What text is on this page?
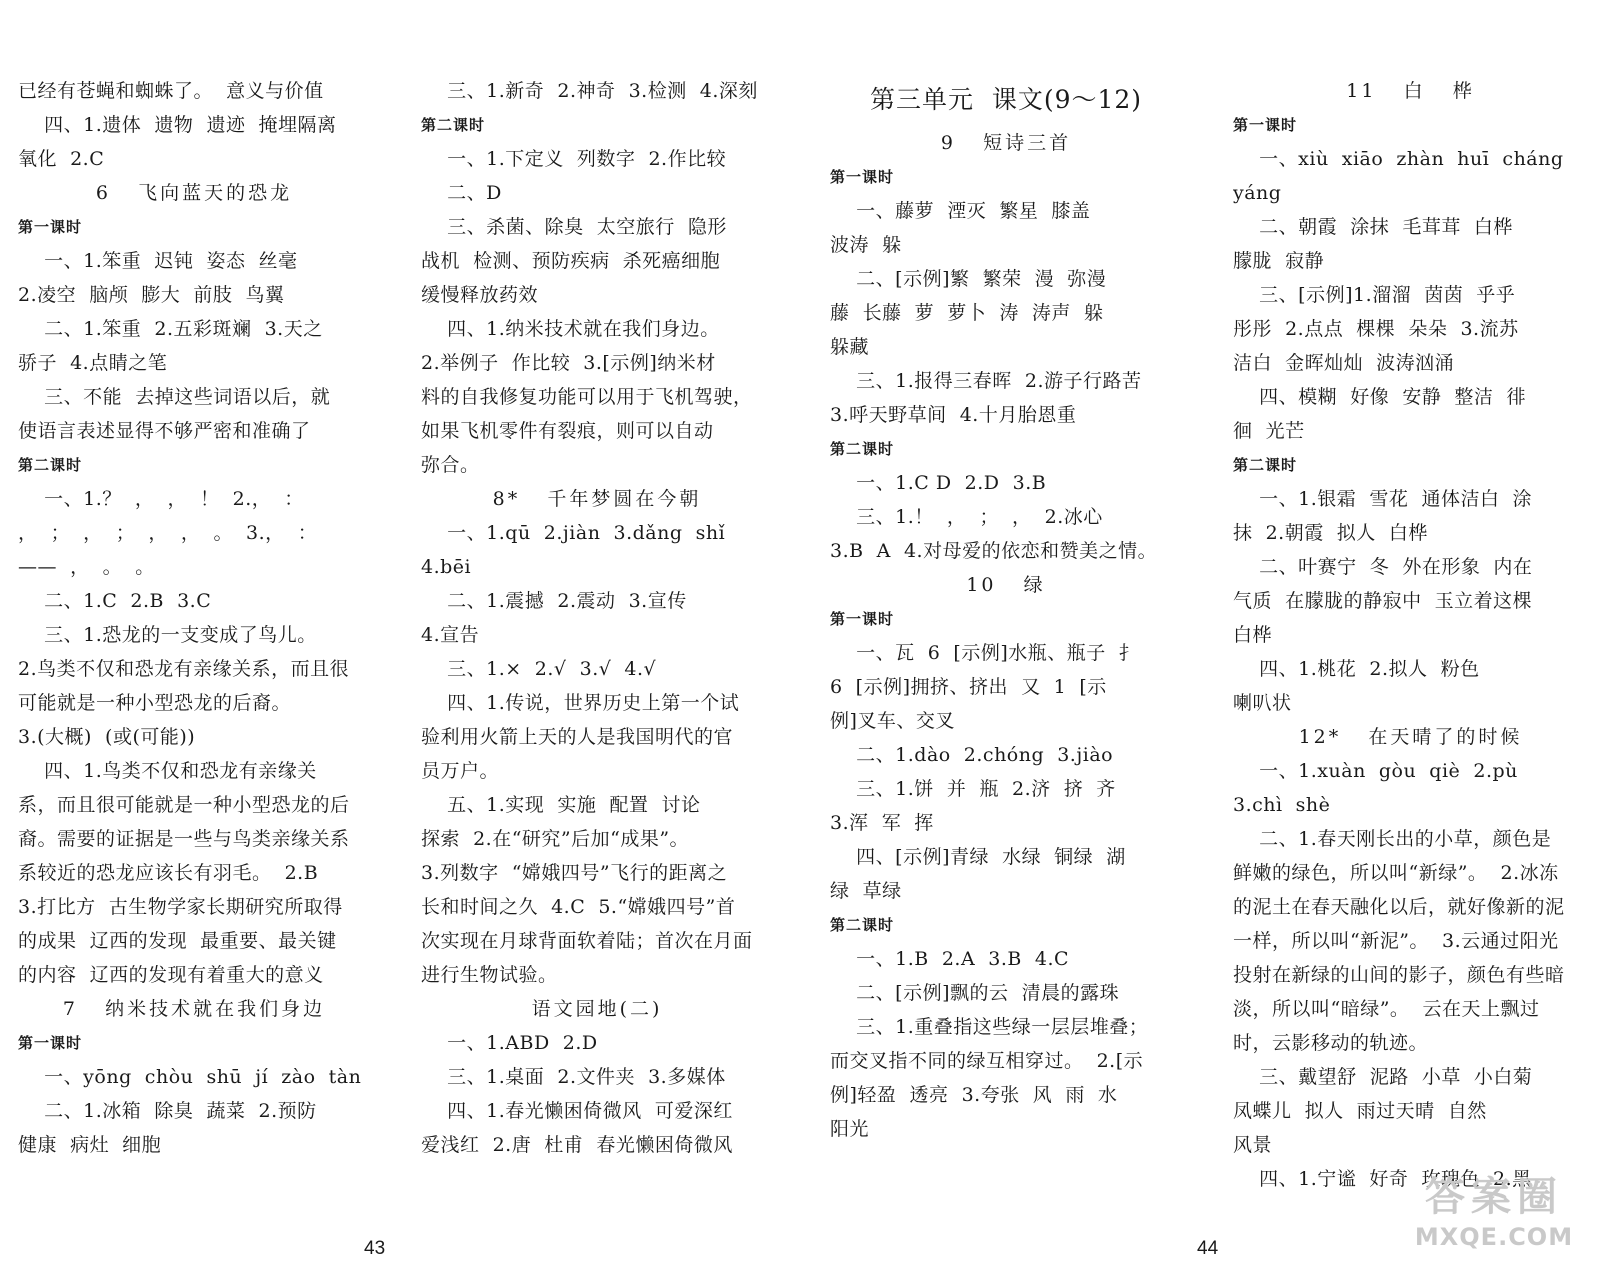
已经有苍蝇和蜘蛛了。  意义与价值
四、1.遗体  遗物  遗迹  掩埋隔离
氧化  2.C
6   飞向蓝天的恐龙
第一课时
一、1.笨重  迟钝  姿态  丝毫
2.凌空  脑颅  膨大  前肢  鸟翼
二、1.笨重  2.五彩斑斓  3.天之
骄子  4.点睛之笔
三、不能  去掉这些词语以后，就
使语言表述显得不够严密和准确了
第二课时
一、1.？  ，  ，  ！  2.，  ：
，  ；  ，  ；  ，  ，  。  3.，  ：
——  ，  。  。
二、1.C  2.B  3.C
三、1.恐龙的一支变成了鸟儿。
2.鸟类不仅和恐龙有亲缘关系，而且很
可能就是一种小型恐龙的后裔。
3.(大概)  (或(可能))
四、1.鸟类不仅和恐龙有亲缘关
系，而且很可能就是一种小型恐龙的后
裔。需要的证据是一些与鸟类亲缘关系
系较近的恐龙应该长有羽毛。  2.B
3.打比方  古生物学家长期研究所取得
的成果  辽西的发现  最重要、最关键
的内容  辽西的发现有着重大的意义
7   纳米技术就在我们身边
第一课时
一、yōng  chòu  shū  jí  zào  tàn
二、1.冰箱  除臭  蔬菜  2.预防
健康  病灶  细胞
三、1.新奇  2.神奇  3.检测  4.深刻
第二课时
一、1.下定义  列数字  2.作比较
二、D
三、杀菌、除臭  太空旅行  隐形
战机  检测、预防疾病  杀死癌细胞
缓慢释放药效
四、1.纳米技术就在我们身边。
2.举例子  作比较  3.[示例]纳米材
料的自我修复功能可以用于飞机驾驶，
如果飞机零件有裂痕，则可以自动
弥合。
8*   千年梦圆在今朝
一、1.qū  2.jiàn  3.dǎng  shǐ
4.bēi
二、1.震撼  2.震动  3.宣传
4.宣告
三、1.×  2.√  3.√  4.√
四、1.传说，世界历史上第一个试
验利用火箭上天的人是我国明代的官
员万户。
五、1.实现  实施  配置  讨论
探索  2.在“研究”后加“成果”。
3.列数字  “嫦娥四号”飞行的距离之
长和时间之久  4.C  5.“嫦娥四号”首
次实现在月球背面软着陆；首次在月面
进行生物试验。
语文园地(二)
一、1.ABD  2.D
三、1.桌面  2.文件夹  3.多媒体
四、1.春光懒困倚微风  可爱深红
爱浅红  2.唐  杜甫  春光懒困倚微风
第三单元  课文(9～12)
9   短诗三首
第一课时
一、藤萝  湮灭  繁星  膝盖
波涛  躲
二、[示例]繁  繁荣  漫  弥漫
藤  长藤  萝  萝卜  涛  涛声  躲
躲藏
三、1.报得三春晖  2.游子行路苦
3.呼天野草间  4.十月胎恩重
第二课时
一、1.C D  2.D  3.B
三、1.！  ，  ；  ，  2.冰心
3.B  A  4.对母爱的依恋和赞美之情。
10   绿
第一课时
一、瓦  6  [示例]水瓶、瓶子  扌
6  [示例]拥挤、挤出  又  1  [示
例]叉车、交叉
二、1.dào  2.chóng  3.jiào
三、1.饼  并  瓶  2.济  挤  齐
3.浑  军  挥
四、[示例]青绿  水绿  铜绿  湖
绿  草绿
第二课时
一、1.B  2.A  3.B  4.C
二、[示例]飘的云  清晨的露珠
三、1.重叠指这些绿一层层堆叠；
而交叉指不同的绿互相穿过。  2.[示
例]轻盈  透亮  3.夸张  风  雨  水
阳光
11   白   桦
第一课时
一、xiù  xiāo  zhàn  huī  cháng
yáng
二、朝霞  涂抹  毛茸茸  白桦
朦胧  寂静
三、[示例]1.溜溜  茵茵  乎乎
彤彤  2.点点  棵棵  朵朵  3.流苏
洁白  金晖灿灿  波涛汹涌
四、模糊  好像  安静  整洁  徘
徊  光芒
第二课时
一、1.银霜  雪花  通体洁白  涂
抹  2.朝霞  拟人  白桦
二、叶赛宁  冬  外在形象  内在
气质  在朦胧的静寂中  玉立着这棵
白桦
四、1.桃花  2.拟人  粉色
喇叭状
12*   在天晴了的时候
一、1.xuàn  gòu  qiè  2.pù
3.chì  shè
二、1.春天刚长出的小草，颜色是
鲜嫩的绿色，所以叫“新绿”。  2.冰冻
的泥土在春天融化以后，就好像新的泥
一样，所以叫“新泥”。  3.云通过阳光
投射在新绿的山间的影子，颜色有些暗
淡，所以叫“暗绿”。  云在天上飘过
时，云影移动的轨迹。
三、戴望舒  泥路  小草  小白菊
凤蝶儿  拟人  雨过天晴  自然
风景
四、1.宁谧  好奇  玫瑰色  2.黑
43	44
答案圈
MXQE.COM
